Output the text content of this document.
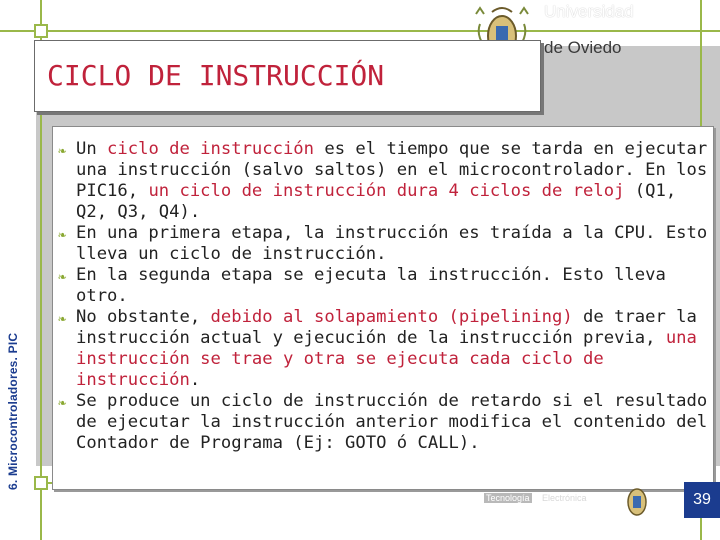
Universidad
de Oviedo
CICLO DE INSTRUCCIÓN
6. Microcontroladores. PIC
❧ Un ciclo de instrucción es el tiempo que se tarda en ejecutar una instrucción (salvo saltos) en el microcontrolador. En los PIC16, un ciclo de instrucción dura 4 ciclos de reloj (Q1, Q2, Q3, Q4).
❧ En una primera etapa, la instrucción es traída a la CPU. Esto lleva un ciclo de instrucción.
❧ En la segunda etapa se ejecuta la instrucción. Esto lleva otro.
❧ No obstante, debido al solapamiento (pipelining) de traer la instrucción actual y ejecución de la instrucción previa, una instrucción se trae y otra se ejecuta cada ciclo de instrucción.
❧ Se produce un ciclo de instrucción de retardo si el resultado de ejecutar la instrucción anterior modifica el contenido del Contador de Programa (Ej: GOTO ó CALL).
Tecnología Electrónica	39
